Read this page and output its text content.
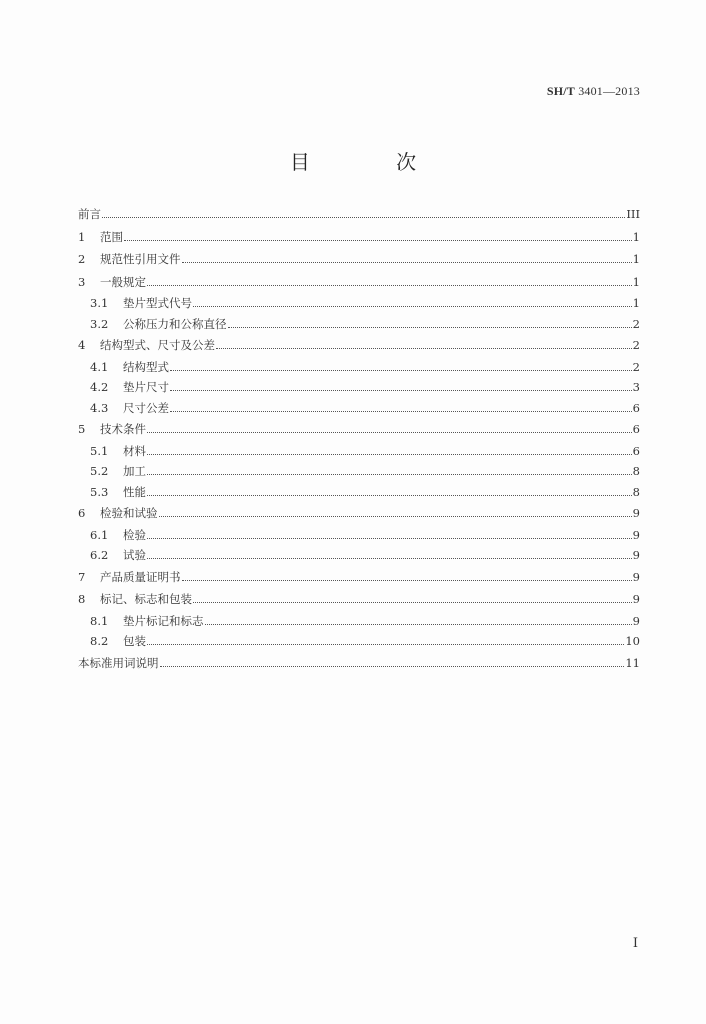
SH/T 3401—2013
目 次
前言	III
1	范围	1
2	规范性引用文件	1
3	一般规定	1
3.1	垫片型式代号	1
3.2	公称压力和公称直径	2
4	结构型式、尺寸及公差	2
4.1	结构型式	2
4.2	垫片尺寸	3
4.3	尺寸公差	6
5	技术条件	6
5.1	材料	6
5.2	加工	8
5.3	性能	8
6	检验和试验	9
6.1	检验	9
6.2	试验	9
7	产品质量证明书	9
8	标记、标志和包装	9
8.1	垫片标记和标志	9
8.2	包装	10
本标准用词说明	11
I
